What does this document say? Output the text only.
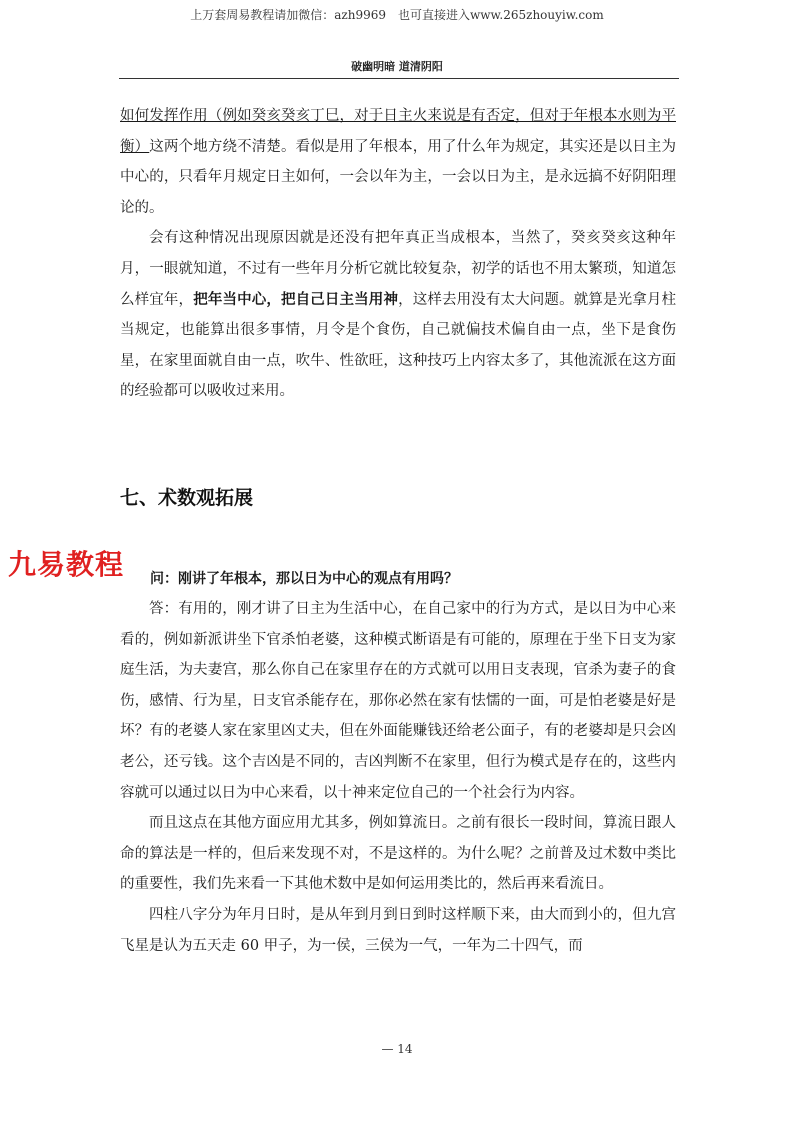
上万套周易教程请加微信：azh9969　也可直接进入www.265zhouyiw.com
破幽明暗 道清阴阳

如何发挥作用（例如癸亥癸亥丁巳，对于日主火来说是有否定，但对于年根本水则为平衡）这两个地方绕不清楚。看似是用了年根本，用了什么年为规定，其实还是以日主为中心的，只看年月规定日主如何，一会以年为主，一会以日为主，是永远搞不好阴阳理论的。

会有这种情况出现原因就是还没有把年真正当成根本，当然了，癸亥癸亥这种年月，一眼就知道，不过有一些年月分析它就比较复杂，初学的话也不用太繁琐，知道怎么样宜年，把年当中心，把自己日主当用神，这样去用没有太大问题。就算是光拿月柱当规定，也能算出很多事情，月令是个食伤，自己就偏技术偏自由一点，坐下是食伤星，在家里面就自由一点，吹牛、性欲旺，这种技巧上内容太多了，其他流派在这方面的经验都可以吸收过来用。

七、术数观拓展
九易教程 问：刚讲了年根本，那以日为中心的观点有用吗？

答：有用的，刚才讲了日主为生活中心，在自己家中的行为方式，是以日为中心来看的，例如新派讲坐下官杀怕老婆，这种模式断语是有可能的，原理在于坐下日支为家庭生活，为夫妻宫，那么你自己在家里存在的方式就可以用日支表现，官杀为妻子的食伤，感情、行为星，日支官杀能存在，那你必然在家有怯懦的一面，可是怕老婆是好是坏？有的老婆人家在家里凶丈夫，但在外面能赚钱还给老公面子，有的老婆却是只会凶老公，还亏钱。这个吉凶是不同的，吉凶判断不在家里，但行为模式是存在的，这些内容就可以通过以日为中心来看，以十神来定位自己的一个社会行为内容。

而且这点在其他方面应用尤其多，例如算流日。之前有很长一段时间，算流日跟人命的算法是一样的，但后来发现不对，不是这样的。为什么呢？之前普及过术数中类比的重要性，我们先来看一下其他术数中是如何运用类比的，然后再来看流日。

四柱八字分为年月日时，是从年到月到日到时这样顺下来，由大而到小的，但九宫飞星是认为五天走 60 甲子，为一侯，三侯为一气，一年为二十四气，而

— 14
